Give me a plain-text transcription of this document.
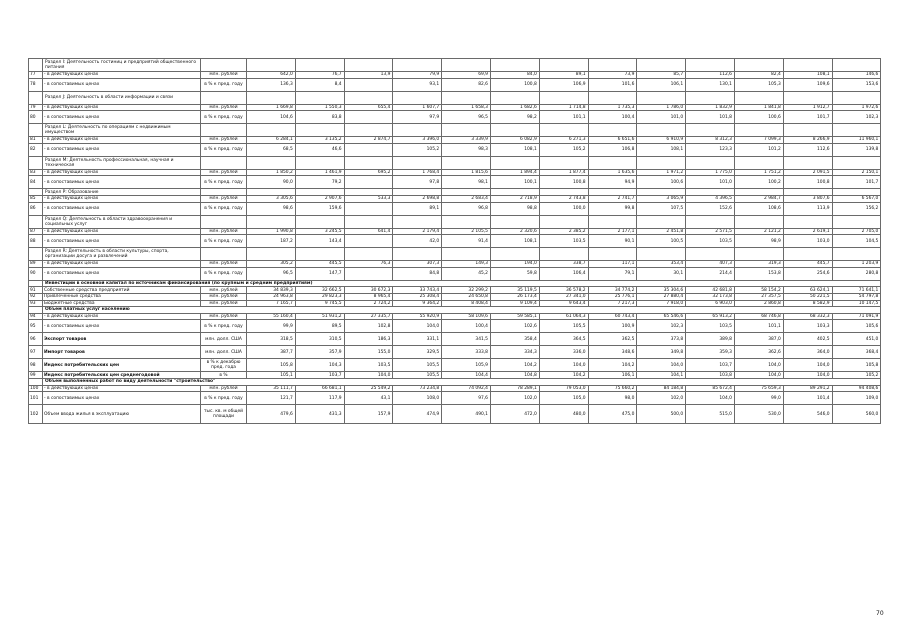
	Раздел I: Деятельность гостиниц и предприятий общественного питания														
77	- в действующих ценах	млн. рублей	642,0	76,7	13,9	79,9	69,9	84,0	89,1	73,9	85,7	112,6	82,4	108,1	146,6
78	- в сопоставимых ценах	в % к пред. году	136,3	8,4		93,1	82,6	100,8	106,9	101,6	106,1	130,1	105,3	109,6	153,6
	Раздел J: Деятельность в области информации и связи														
79	- в действующих ценах	млн. рублей	1 669,8	1 550,3	655,4	1 607,7	1 658,3	1 682,6	1 714,8	1 735,3	1 786,0	1 832,9	1 841,8	1 912,7	1 972,6
80	- в сопоставимых ценах	в % к пред. году	104,6	83,8		97,9	96,5	98,2	101,1	100,4	101,0	101,8	100,6	101,7	102,3
	Раздел L: Деятельность по операциям с недвижимым имуществом														
81	- в действующих ценах	млн. рублей	6 284,1	3 135,2	2 874,7	3 396,0	3 339,9	6 082,9	6 271,3	6 651,6	6 910,9	8 312,3	7 099,3	8 266,9	11 960,1
82	- в сопоставимых ценах	в % к пред. году	68,5	46,6		105,2	98,3	108,1	105,2	106,8	108,1	123,3	101,2	112,6	139,8
	Раздел М: Деятельность профессиональная, научная и техническая														
83	- в действующих ценах	млн. рублей	1 850,2	1 461,9	695,2	1 768,4	1 815,6	1 894,4	1 877,4	1 635,6	1 971,2	1 775,0	1 751,2	2 091,5	2 150,1
84	- в сопоставимых ценах	в % к пред. году	90,0	79,2		97,8	98,1	100,1	100,8	94,9	100,6	101,0	100,2	100,8	101,7
	Раздел Р: Образование														
85	- в действующих ценах	млн. рублей	3 305,6	2 907,6	533,3	2 698,8	2 683,4	2 718,9	2 743,8	2 741,7	3 065,9	4 396,5	2 984,7	3 807,6	6 567,0
86	- в сопоставимых ценах	в % к пред. году	98,6	159,6		89,1	96,8	98,8	100,0	99,8	107,5	152,6	108,6	113,9	156,2
	Раздел Q: Деятельность в области здравоохранения и социальных услуг														
87	- в действующих ценах	млн. рублей	1 990,8	3 245,5	641,4	2 179,4	2 105,5	2 320,6	2 385,2	2 177,1	2 451,8	2 571,5	2 121,2	2 619,1	2 705,0
88	- в сопоставимых ценах	в % к пред. году	187,2	143,4		42,0	91,4	108,1	103,5	90,1	100,5	103,5	98,9	103,0	104,5
	Раздел R: Деятельность в области культуры, спорта, организации досуга и развлечений														
89	- в действующих ценах	млн. рублей	305,2	445,5	76,3	307,3	149,3	194,0	338,7	117,1	353,4	407,3	319,3	445,7	1 203,9
90	- в сопоставимых ценах	в % к пред. году	96,5	147,7		84,8	45,2	59,8	106,4	79,1	30,1	214,4	153,8	254,6	280,8
	Инвестиции в основной капитал по источникам финансирования (по крупным и средним предприятиям)														
91	Собственные средства предприятий	млн. рублей	34 839,3	32 662,5	30 672,3	33 743,4	32 299,2	35 119,5	36 578,2	34 774,2	35 304,6	42 681,8	58 154,2	63 624,1	71 641,1
92	Привлеченные средства	млн. рублей	24 963,8	29 823,3	8 965,4	25 308,4	24 650,8	26 173,4	27 341,0	25 776,1	27 880,4	32 173,8	27 357,5	50 221,5	54 797,8
93	Бюджетные средства	млн. рублей	7 165,7	9 745,5	2 724,2	9 364,2	8 408,4	9 109,4	9 643,4	7 217,3	7 918,0	6 903,0	2 860,8	8 582,9	10 147,5
	Объем платных услуг населению														
94	- в действующих ценах	млн. рублей	55 160,4	51 931,2	27 335,7	55 920,9	58 109,6	59 585,1	61 064,3	60 743,4	65 546,6	65 913,2	68 746,8	68 332,3	71 091,9
95	- в сопоставимых ценах	в % к пред. году	99,9	89,5	102,8	104,0	100,4	102,6	105,5	100,9	102,3	103,5	101,1	103,3	105,6
96	Экспорт товаров	млн. долл. США	318,5	310,5	186,3	331,1	341,5	358,4	364,5	362,5	373,8	389,8	387,0	402,5	451,0
97	Импорт товаров	млн. долл. США	387,7	357,9	155,0	329,5	333,8	334,3	336,0	348,6	349,8	359,3	362,6	364,0	368,4
98	Индекс потребительских цен	в % к декабрю пред. года	105,8	104,3	103,5	105,5	105,9	104,2	104,0	104,2	104,0	103,7	104,0	104,0	105,8
99	Индекс потребительских цен среднегодовой	в %	105,1	103,7	104,0	105,5	104,4	104,8	104,2	106,1	104,1	103,8	104,0	104,0	105,2
	Объем выполненных работ по виду деятельности "строительство"														
100	- в действующих ценах	млн. рублей	35 111,7	66 681,1	25 549,2	73 234,8	74 092,4	78 289,1	79 053,0	75 660,2	84 184,8	85 672,4	75 659,3	89 291,2	94 408,6
101	- в сопоставимых ценах	в % к пред. году	121,7	117,9	43,1	108,0	97,6	102,0	105,0	98,0	102,0	104,0	99,0	101,4	109,0
102	Объем ввода жилья в эксплуатацию	тыс. кв. м общей площади	479,6	431,3	157,9	474,9	490,1	472,0	480,0	475,0	500,0	515,0	530,0	546,0	560,0
70
